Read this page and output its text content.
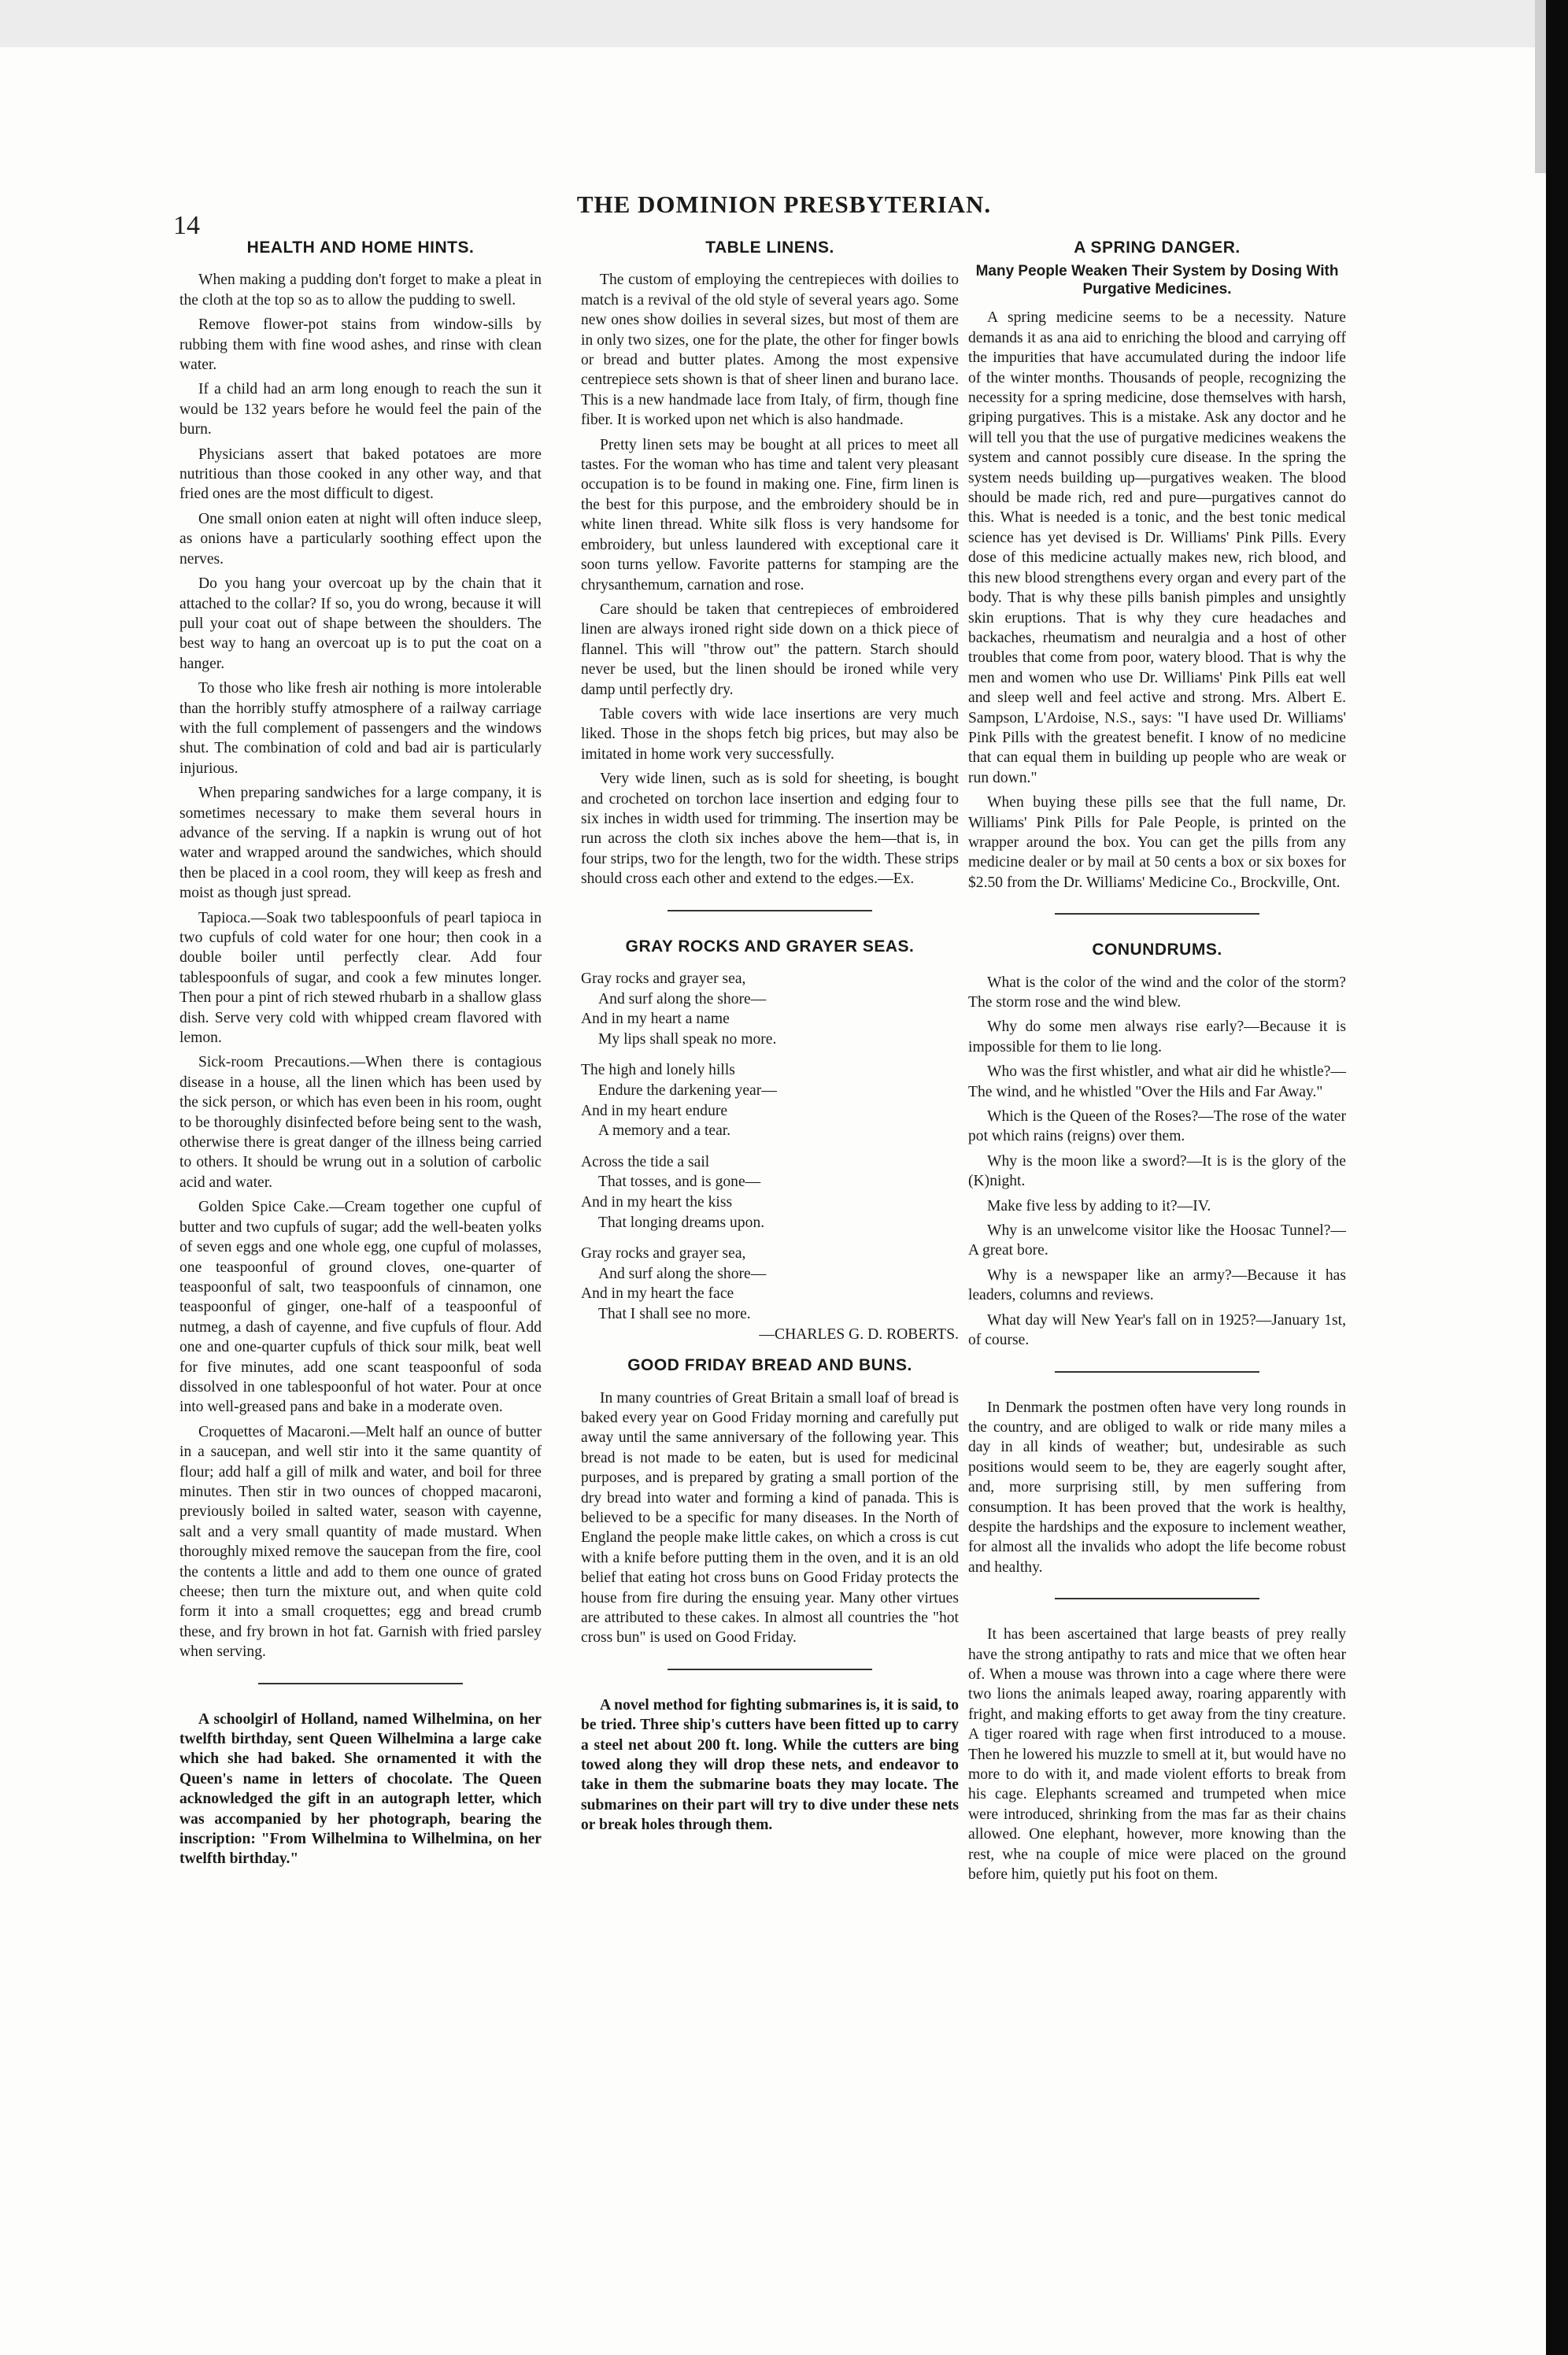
14
THE DOMINION PRESBYTERIAN.
HEALTH AND HOME HINTS.

When making a pudding don't forget to make a pleat in the cloth at the top so as to allow the pudding to swell.

Remove flower-pot stains from window-sills by rubbing them with fine wood ashes, and rinse with clean water.

If a child had an arm long enough to reach the sun it would be 132 years before he would feel the pain of the burn.

Physicians assert that baked potatoes are more nutritious than those cooked in any other way, and that fried ones are the most difficult to digest.

One small onion eaten at night will often induce sleep, as onions have a particularly soothing effect upon the nerves.

Do you hang your overcoat up by the chain that it attached to the collar? If so, you do wrong, because it will pull your coat out of shape between the shoulders. The best way to hang an overcoat up is to put the coat on a hanger.

To those who like fresh air nothing is more intolerable than the horribly stuffy atmosphere of a railway carriage with the full complement of passengers and the windows shut. The combination of cold and bad air is particularly injurious.

When preparing sandwiches for a large company, it is sometimes necessary to make them several hours in advance of the serving. If a napkin is wrung out of hot water and wrapped around the sandwiches, which should then be placed in a cool room, they will keep as fresh and moist as though just spread.

Tapioca.—Soak two tablespoonfuls of pearl tapioca in two cupfuls of cold water for one hour; then cook in a double boiler until perfectly clear. Add four tablespoonfuls of sugar, and cook a few minutes longer. Then pour a pint of rich stewed rhubarb in a shallow glass dish. Serve very cold with whipped cream flavored with lemon.

Sick-room Precautions.—When there is contagious disease in a house, all the linen which has been used by the sick person, or which has even been in his room, ought to be thoroughly disinfected before being sent to the wash, otherwise there is great danger of the illness being carried to others. It should be wrung out in a solution of carbolic acid and water.

Golden Spice Cake.—Cream together one cupful of butter and two cupfuls of sugar; add the well-beaten yolks of seven eggs and one whole egg, one cupful of molasses, one teaspoonful of ground cloves, one-quarter of teaspoonful of salt, two teaspoonfuls of cinnamon, one teaspoonful of ginger, one-half of a teaspoonful of nutmeg, a dash of cayenne, and five cupfuls of flour. Add one and one-quarter cupfuls of thick sour milk, beat well for five minutes, add one scant teaspoonful of soda dissolved in one tablespoonful of hot water. Pour at once into well-greased pans and bake in a moderate oven.

Croquettes of Macaroni.—Melt half an ounce of butter in a saucepan, and well stir into it the same quantity of flour; add half a gill of milk and water, and boil for three minutes. Then stir in two ounces of chopped macaroni, previously boiled in salted water, season with cayenne, salt and a very small quantity of made mustard. When thoroughly mixed remove the saucepan from the fire, cool the contents a little and add to them one ounce of grated cheese; then turn the mixture out, and when quite cold form it into a small croquettes; egg and bread crumb these, and fry brown in hot fat. Garnish with fried parsley when serving.

A schoolgirl of Holland, named Wilhelmina, on her twelfth birthday, sent Queen Wilhelmina a large cake which she had baked. She ornamented it with the Queen's name in letters of chocolate. The Queen acknowledged the gift in an autograph letter, which was accompanied by her photograph, bearing the inscription: "From Wilhelmina to Wilhelmina, on her twelfth birthday."

TABLE LINENS.

The custom of employing the centrepieces with doilies to match is a revival of the old style of several years ago. Some new ones show doilies in several sizes, but most of them are in only two sizes, one for the plate, the other for finger bowls or bread and butter plates. Among the most expensive centrepiece sets shown is that of sheer linen and burano lace. This is a new handmade lace from Italy, of firm, though fine fiber. It is worked upon net which is also handmade.

Pretty linen sets may be bought at all prices to meet all tastes. For the woman who has time and talent very pleasant occupation is to be found in making one. Fine, firm linen is the best for this purpose, and the embroidery should be in white linen thread. White silk floss is very handsome for embroidery, but unless laundered with exceptional care it soon turns yellow. Favorite patterns for stamping are the chrysanthemum, carnation and rose.

Care should be taken that centrepieces of embroidered linen are always ironed right side down on a thick piece of flannel. This will "throw out" the pattern. Starch should never be used, but the linen should be ironed while very damp until perfectly dry.

Table covers with wide lace insertions are very much liked. Those in the shops fetch big prices, but may also be imitated in home work very successfully.

Very wide linen, such as is sold for sheeting, is bought and crocheted on torchon lace insertion and edging four to six inches in width used for trimming. The insertion may be run across the cloth six inches above the hem—that is, in four strips, two for the length, two for the width. These strips should cross each other and extend to the edges.—Ex.

GRAY ROCKS AND GRAYER SEAS.
Gray rocks and grayer sea,
And surf along the shore—
And in my heart a name
My lips shall speak no more.
The high and lonely hills
Endure the darkening year—
And in my heart endure
A memory and a tear.
Across the tide a sail
That tosses, and is gone—
And in my heart the kiss
That longing dreams upon.
Gray rocks and grayer sea,
And surf along the shore—
And in my heart the face
That I shall see no more.
—CHARLES G. D. ROBERTS.
GOOD FRIDAY BREAD AND BUNS.

In many countries of Great Britain a small loaf of bread is baked every year on Good Friday morning and carefully put away until the same anniversary of the following year. This bread is not made to be eaten, but is used for medicinal purposes, and is prepared by grating a small portion of the dry bread into water and forming a kind of panada. This is believed to be a specific for many diseases. In the North of England the people make little cakes, on which a cross is cut with a knife before putting them in the oven, and it is an old belief that eating hot cross buns on Good Friday protects the house from fire during the ensuing year. Many other virtues are attributed to these cakes. In almost all countries the "hot cross bun" is used on Good Friday.

A novel method for fighting submarines is, it is said, to be tried. Three ship's cutters have been fitted up to carry a steel net about 200 ft. long. While the cutters are bing towed along they will drop these nets, and endeavor to take in them the submarine boats they may locate. The submarines on their part will try to dive under these nets or break holes through them.

A SPRING DANGER.
Many People Weaken Their System by Dosing With Purgative Medicines.

A spring medicine seems to be a necessity. Nature demands it as ana aid to enriching the blood and carrying off the impurities that have accumulated during the indoor life of the winter months. Thousands of people, recognizing the necessity for a spring medicine, dose themselves with harsh, griping purgatives. This is a mistake. Ask any doctor and he will tell you that the use of purgative medicines weakens the system and cannot possibly cure disease. In the spring the system needs building up—purgatives weaken. The blood should be made rich, red and pure—purgatives cannot do this. What is needed is a tonic, and the best tonic medical science has yet devised is Dr. Williams' Pink Pills. Every dose of this medicine actually makes new, rich blood, and this new blood strengthens every organ and every part of the body. That is why these pills banish pimples and unsightly skin eruptions. That is why they cure headaches and backaches, rheumatism and neuralgia and a host of other troubles that come from poor, watery blood. That is why the men and women who use Dr. Williams' Pink Pills eat well and sleep well and feel active and strong. Mrs. Albert E. Sampson, L'Ardoise, N.S., says: "I have used Dr. Williams' Pink Pills with the greatest benefit. I know of no medicine that can equal them in building up people who are weak or run down."

When buying these pills see that the full name, Dr. Williams' Pink Pills for Pale People, is printed on the wrapper around the box. You can get the pills from any medicine dealer or by mail at 50 cents a box or six boxes for $2.50 from the Dr. Williams' Medicine Co., Brockville, Ont.

CONUNDRUMS.

What is the color of the wind and the color of the storm?The storm rose and the wind blew.

Why do some men always rise early?—Because it is impossible for them to lie long.

Who was the first whistler, and what air did he whistle?—The wind, and he whistled "Over the Hils and Far Away."

Which is the Queen of the Roses?—The rose of the water pot which rains (reigns) over them.

Why is the moon like a sword?—It is is the glory of the (K)night.

Make five less by adding to it?—IV.

Why is an unwelcome visitor like the Hoosac Tunnel?—A great bore.

Why is a newspaper like an army?—Because it has leaders, columns and reviews.

What day will New Year's fall on in 1925?—January 1st, of course.

In Denmark the postmen often have very long rounds in the country, and are obliged to walk or ride many miles a day in all kinds of weather; but, undesirable as such positions would seem to be, they are eagerly sought after, and, more surprising still, by men suffering from consumption. It has been proved that the work is healthy, despite the hardships and the exposure to inclement weather, for almost all the invalids who adopt the life become robust and healthy.

It has been ascertained that large beasts of prey really have the strong antipathy to rats and mice that we often hear of. When a mouse was thrown into a cage where there were two lions the animals leaped away, roaring apparently with fright, and making efforts to get away from the tiny creature. A tiger roared with rage when first introduced to a mouse. Then he lowered his muzzle to smell at it, but would have no more to do with it, and made violent efforts to break from his cage. Elephants screamed and trumpeted when mice were introduced, shrinking from the mas far as their chains allowed. One elephant, however, more knowing than the rest, whe na couple of mice were placed on the ground before him, quietly put his foot on them.
